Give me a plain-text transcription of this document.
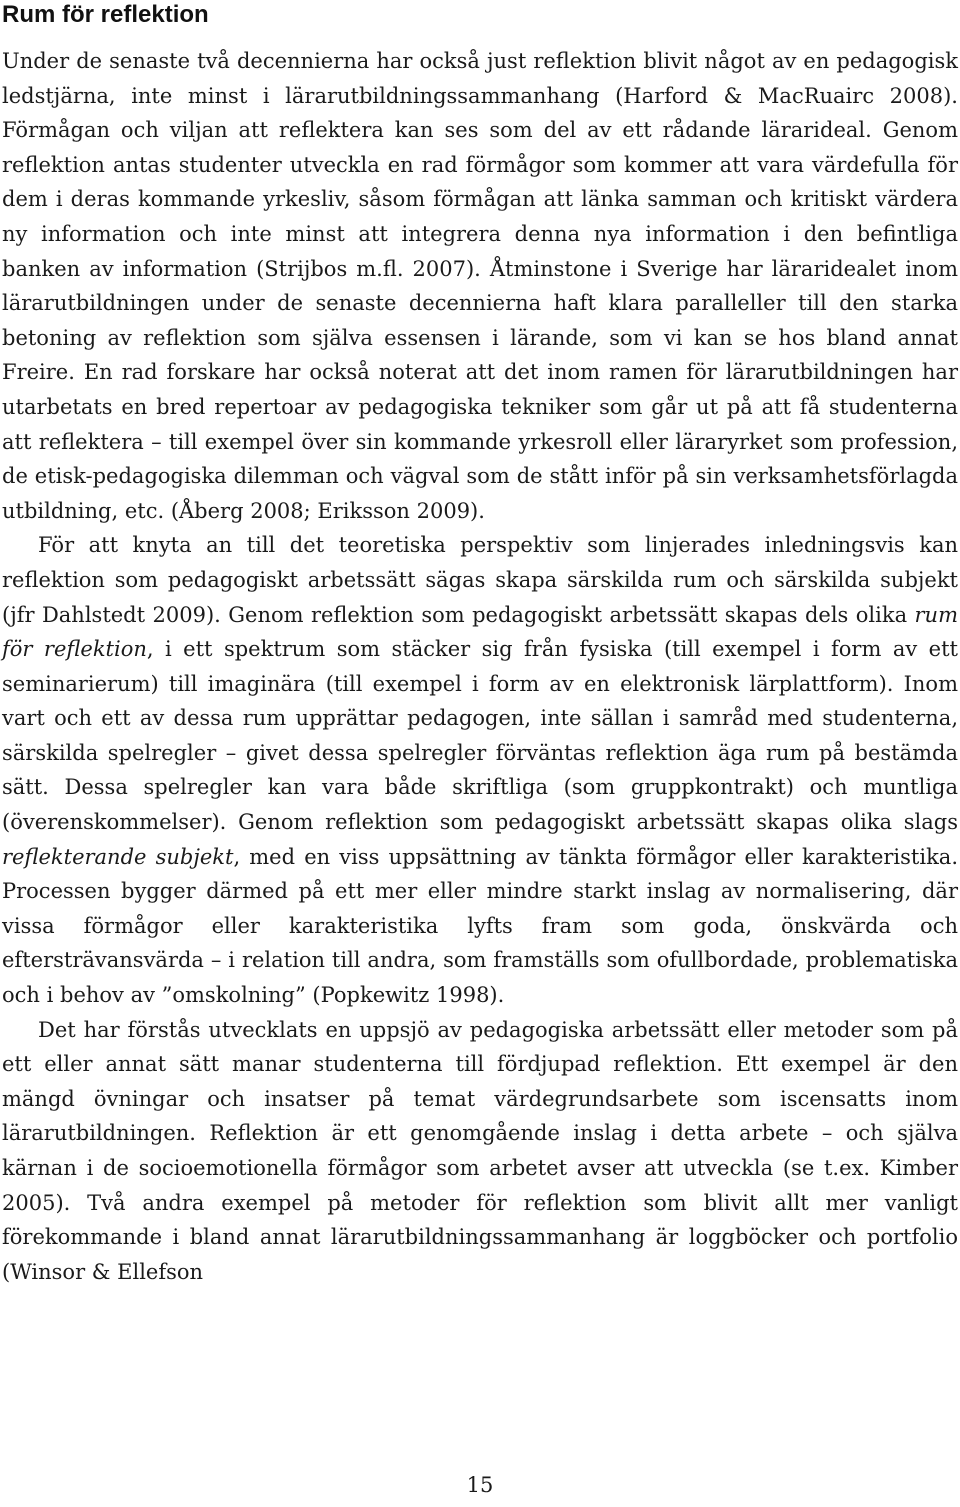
Rum för reflektion

Under de senaste två decennierna har också just reflektion blivit något av en pedagogisk ledstjärna, inte minst i lärarutbildningssammanhang (Harford & MacRuairc 2008). Förmågan och viljan att reflektera kan ses som del av ett rådande lärarideal. Genom reflektion antas studenter utveckla en rad förmågor som kommer att vara värdefulla för dem i deras kommande yrkesliv, såsom förmågan att länka samman och kritiskt värdera ny information och inte minst att integrera denna nya information i den befintliga banken av information (Strijbos m.fl. 2007). Åtminstone i Sverige har läraridealet inom lärarutbildningen under de senaste decennierna haft klara paralleller till den starka betoning av reflektion som själva essensen i lärande, som vi kan se hos bland annat Freire. En rad forskare har också noterat att det inom ramen för lärarutbildningen har utarbetats en bred repertoar av pedagogiska tekniker som går ut på att få studenterna att reflektera – till exempel över sin kommande yrkesroll eller läraryrket som profession, de etisk-pedagogiska dilemman och vägval som de stått inför på sin verksamhetsförlagda utbildning, etc. (Åberg 2008; Eriksson 2009).

För att knyta an till det teoretiska perspektiv som linjerades inledningsvis kan reflektion som pedagogiskt arbetssätt sägas skapa särskilda rum och särskilda subjekt (jfr Dahlstedt 2009). Genom reflektion som pedagogiskt arbetssätt skapas dels olika rum för reflektion, i ett spektrum som stäcker sig från fysiska (till exempel i form av ett seminarierum) till imaginära (till exempel i form av en elektronisk lärplattform). Inom vart och ett av dessa rum upprättar pedagogen, inte sällan i samråd med studenterna, särskilda spelregler – givet dessa spelregler förväntas reflektion äga rum på bestämda sätt. Dessa spelregler kan vara både skriftliga (som gruppkontrakt) och muntliga (överenskommelser). Genom reflektion som pedagogiskt arbetssätt skapas olika slags reflekterande subjekt, med en viss uppsättning av tänkta förmågor eller karakteristika. Processen bygger därmed på ett mer eller mindre starkt inslag av normalisering, där vissa förmågor eller karakteristika lyfts fram som goda, önskvärda och eftersträvansvärda – i relation till andra, som framställs som ofullbordade, problematiska och i behov av ”omskolning” (Popkewitz 1998).

Det har förstås utvecklats en uppsjö av pedagogiska arbetssätt eller metoder som på ett eller annat sätt manar studenterna till fördjupad reflektion. Ett exempel är den mängd övningar och insatser på temat värdegrundsarbete som iscensatts inom lärarutbildningen. Reflektion är ett genomgående inslag i detta arbete – och själva kärnan i de socioemotionella förmågor som arbetet avser att utveckla (se t.ex. Kimber 2005). Två andra exempel på metoder för reflektion som blivit allt mer vanligt förekommande i bland annat lärarutbildningssammanhang är loggböcker och portfolio (Winsor & Ellefson

15
